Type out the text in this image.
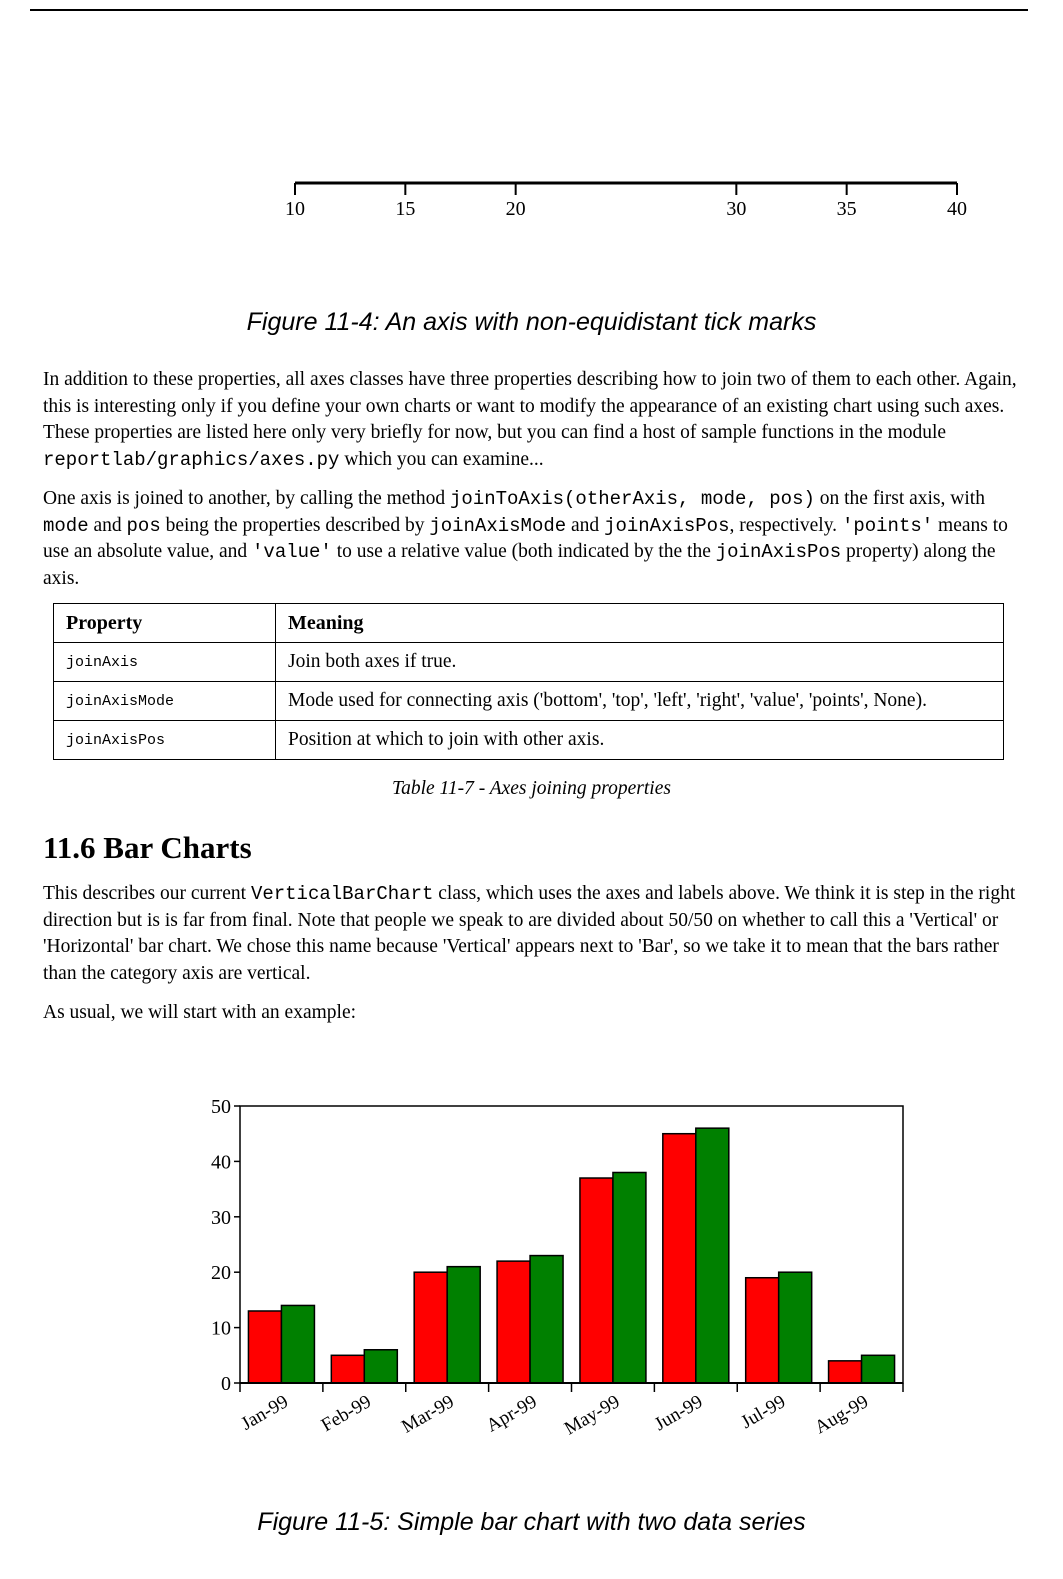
10	15	20	30	35	40
Figure 11-4: An axis with non-equidistant tick marks

In addition to these properties, all axes classes have three properties describing how to join two of them to each other. Again, this is interesting only if you define your own charts or want to modify the appearance of an existing chart using such axes. These properties are listed here only very briefly for now, but you can find a host of sample functions in the module reportlab/graphics/axes.py which you can examine...

One axis is joined to another, by calling the method joinToAxis(otherAxis, mode, pos) on the first axis, with mode and pos being the properties described by joinAxisMode and joinAxisPos, respectively. 'points' means to use an absolute value, and 'value' to use a relative value (both indicated by the the joinAxisPos property) along the axis.

Property	Meaning
joinAxis	Join both axes if true.
joinAxisMode	Mode used for connecting axis ('bottom', 'top', 'left', 'right', 'value', 'points', None).
joinAxisPos	Position at which to join with other axis.
Table 11-7 - Axes joining properties
11.6 Bar Charts

This describes our current VerticalBarChart class, which uses the axes and labels above. We think it is step in the right direction but is is far from final. Note that people we speak to are divided about 50/50 on whether to call this a 'Vertical' or 'Horizontal' bar chart. We chose this name because 'Vertical' appears next to 'Bar', so we take it to mean that the bars rather than the category axis are vertical.

As usual, we will start with an example:

0
10
20
30
40
50
Jan-99 Feb-99 Mar-99 Apr-99 May-99 Jun-99 Jul-99 Aug-99
Figure 11-5: Simple bar chart with two data series
